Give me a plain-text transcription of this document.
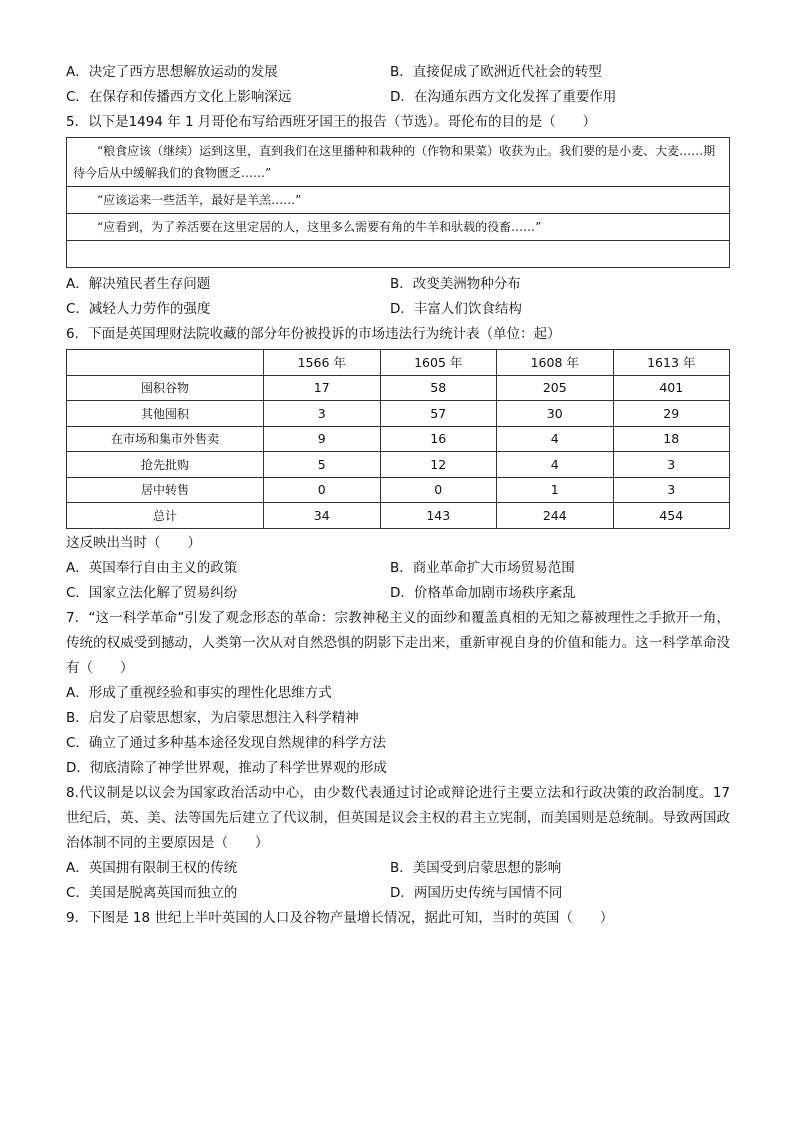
A．决定了西方思想解放运动的发展	B．直接促成了欧洲近代社会的转型
C．在保存和传播西方文化上影响深远	D．在沟通东西方文化发挥了重要作用
5．以下是1494 年 1 月哥伦布写给西班牙国王的报告（节选）。哥伦布的目的是（　　）
“粮食应该（继续）运到这里，直到我们在这里播种和栽种的（作物和果菜）收获为止。我们要的是小麦、大麦……期待今后从中缓解我们的食物匮乏……”
“应该运来一些活羊，最好是羊羔……”
“应看到，为了养活要在这里定居的人，这里多么需要有角的牛羊和驮载的役畜……”
A．解决殖民者生存问题	B．改变美洲物种分布
C．减轻人力劳作的强度	D．丰富人们饮食结构
6．下面是英国理财法院收藏的部分年份被投诉的市场违法行为统计表（单位：起）
	1566 年	1605 年	1608 年	1613 年
囤积谷物	17	58	205	401
其他囤积	3	57	30	29
在市场和集市外售卖	9	16	4	18
抢先批购	5	12	4	3
居中转售	0	0	1	3
总计	34	143	244	454
这反映出当时（　　）
A．英国奉行自由主义的政策	B．商业革命扩大市场贸易范围
C．国家立法化解了贸易纠纷	D．价格革命加剧市场秩序紊乱
7．“这一科学革命”引发了观念形态的革命：宗教神秘主义的面纱和覆盖真相的无知之幕被理性之手掀开一角，传统的权威受到撼动，人类第一次从对自然恐惧的阴影下走出来，重新审视自身的价值和能力。这一科学革命没有（　　）
A．形成了重视经验和事实的理性化思维方式
B．启发了启蒙思想家，为启蒙思想注入科学精神
C．确立了通过多种基本途径发现自然规律的科学方法
D．彻底清除了神学世界观，推动了科学世界观的形成
8.代议制是以议会为国家政治活动中心，由少数代表通过讨论或辩论进行主要立法和行政决策的政治制度。17世纪后，英、美、法等国先后建立了代议制，但英国是议会主权的君主立宪制，而美国则是总统制。导致两国政治体制不同的主要原因是（　　）
A．英国拥有限制王权的传统	B．美国受到启蒙思想的影响
C．美国是脱离英国而独立的	D．两国历史传统与国情不同
9．下图是 18 世纪上半叶英国的人口及谷物产量增长情况，据此可知，当时的英国（　　）
